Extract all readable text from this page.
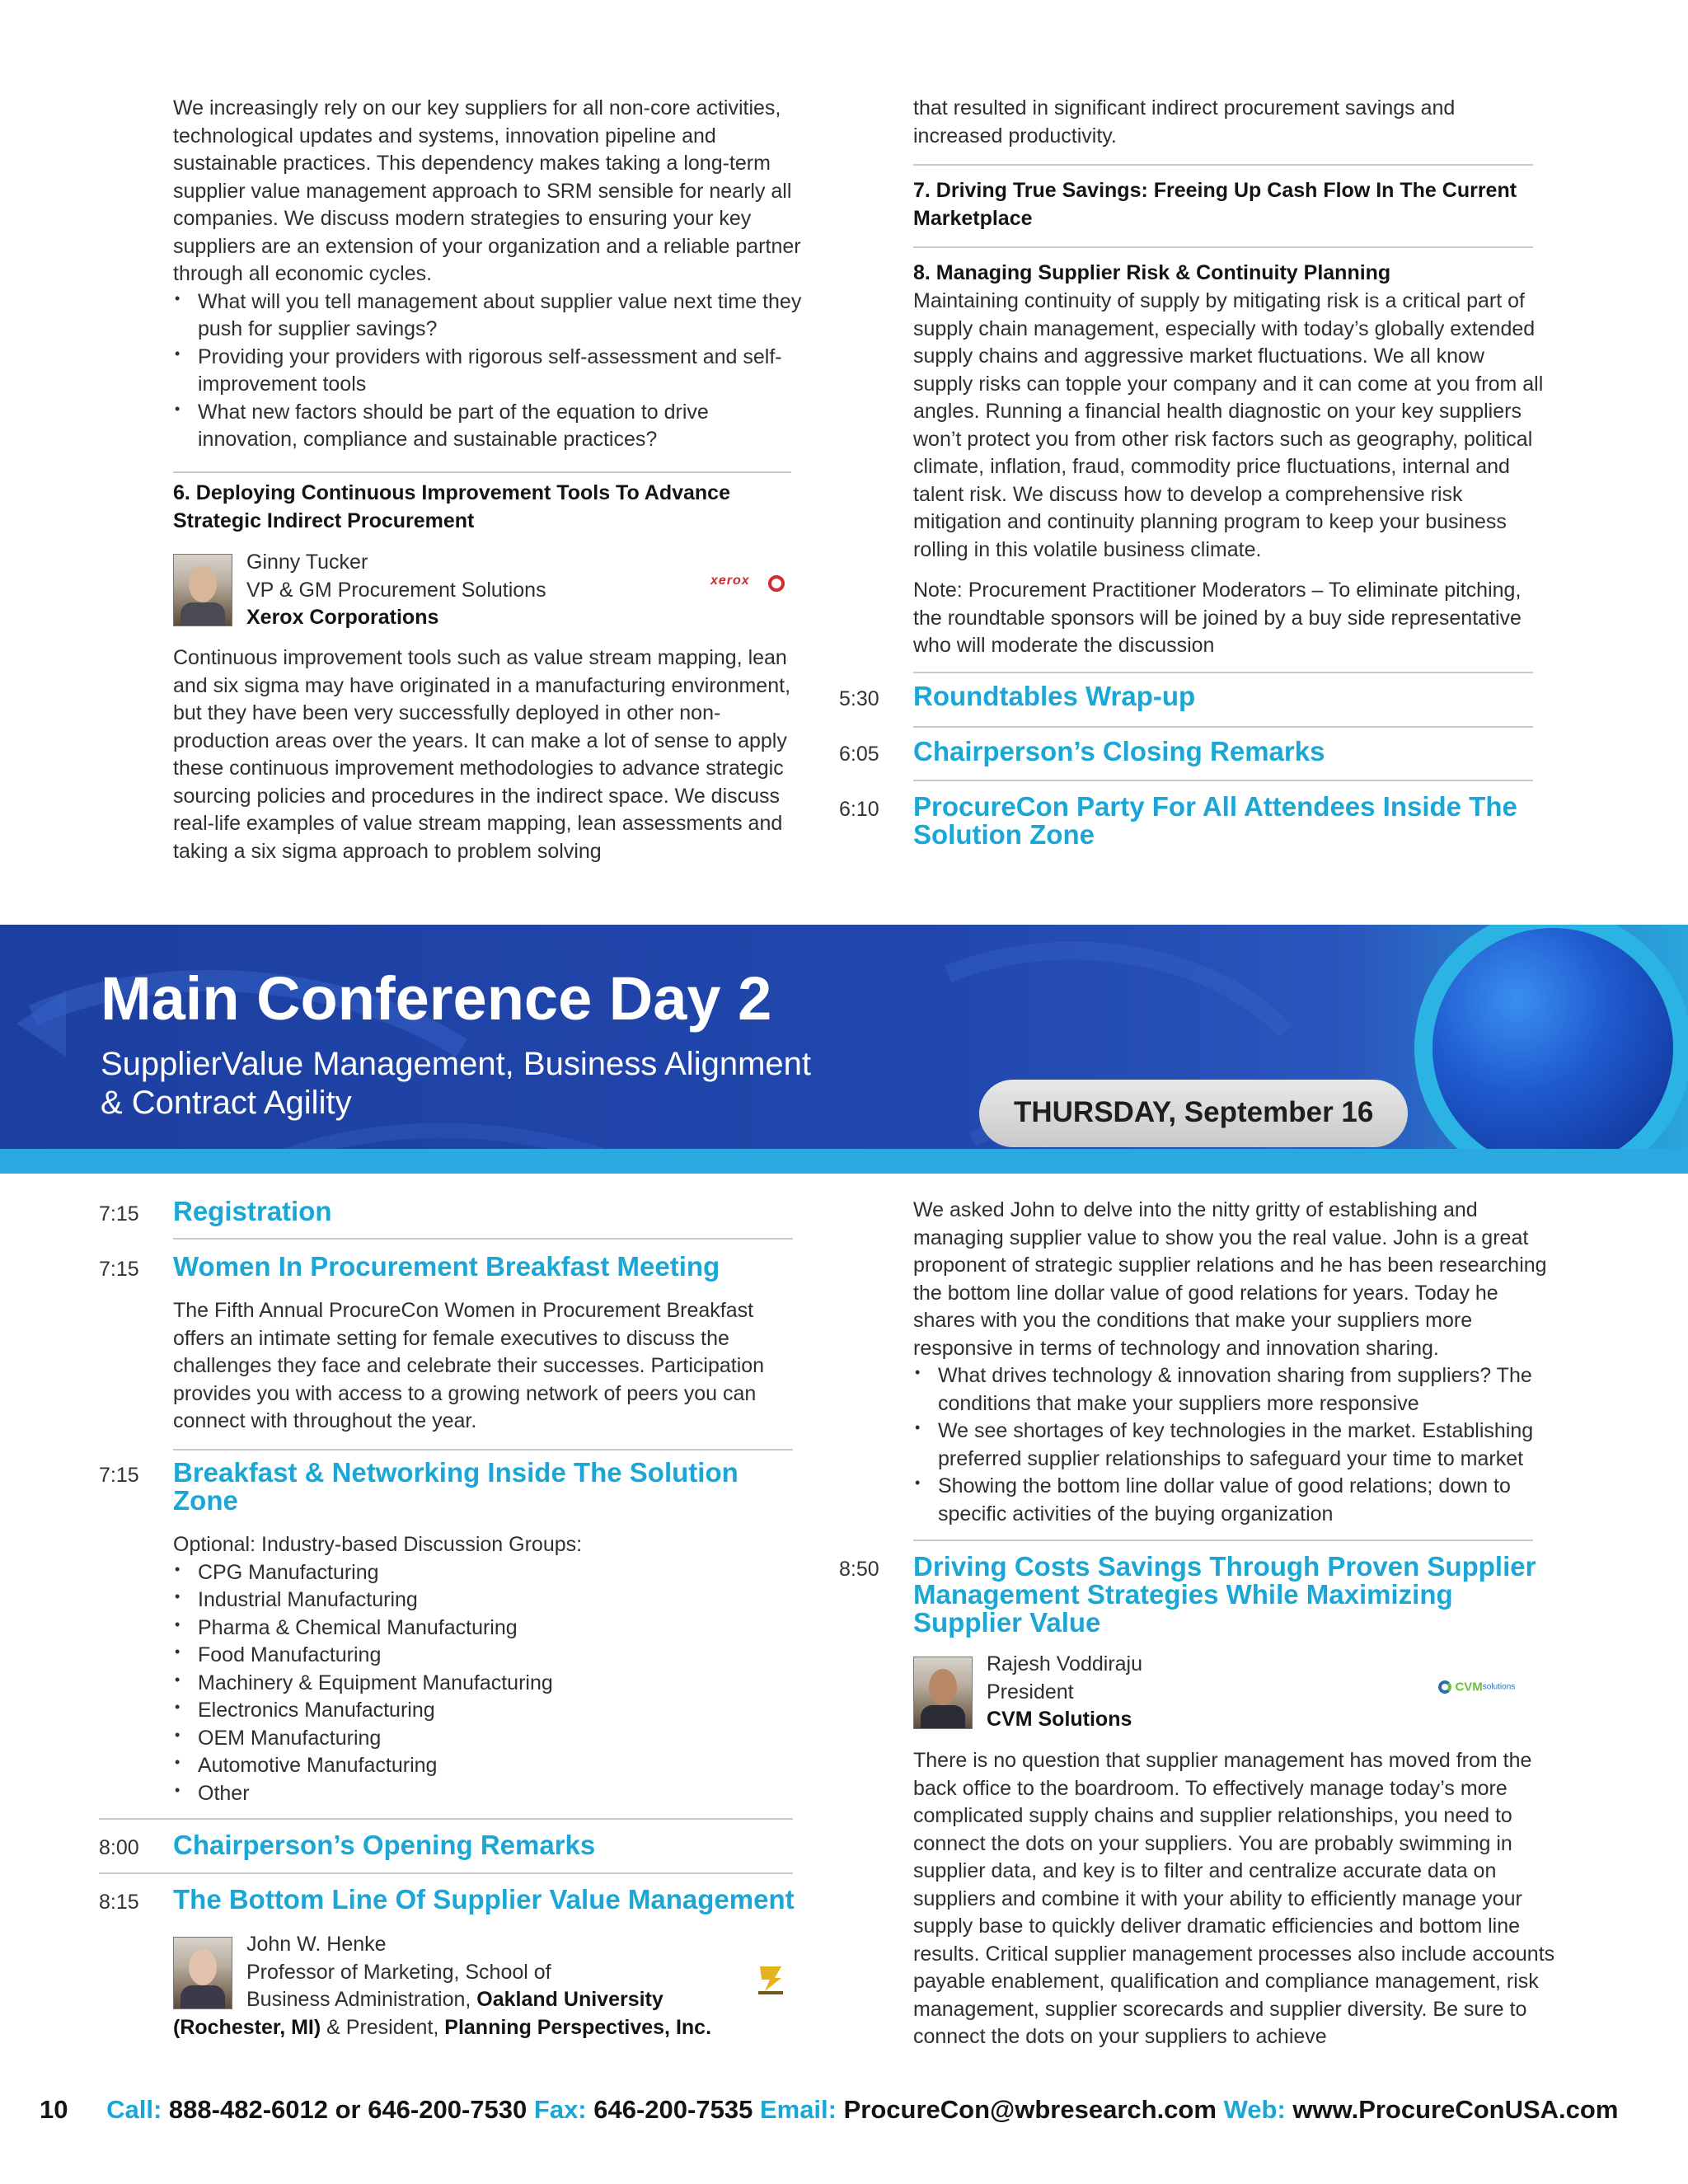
We increasingly rely on our key suppliers for all non-core activities, technological updates and systems, innovation pipeline and sustainable practices. This dependency makes taking a long-term supplier value management approach to SRM sensible for nearly all companies. We discuss modern strategies to ensuring your key suppliers are an extension of your organization and a reliable partner through all economic cycles.

• What will you tell management about supplier value next time they push for supplier savings?
• Providing your providers with rigorous self-assessment and self-improvement tools
• What new factors should be part of the equation to drive innovation, compliance and sustainable practices?
6. Deploying Continuous Improvement Tools To Advance Strategic Indirect Procurement

Ginny Tucker

VP & GM Procurement Solutions

Xerox Corporations

xerox
Continuous improvement tools such as value stream mapping, lean and six sigma may have originated in a manufacturing environment, but they have been very successfully deployed in other non-production areas over the years. It can make a lot of sense to apply these continuous improvement methodologies to advance strategic sourcing policies and procedures in the indirect space. We discuss real-life examples of value stream mapping, lean assessments and taking a six sigma approach to problem solving
that resulted in significant indirect procurement savings and increased productivity.
7. Driving True Savings: Freeing Up Cash Flow In The Current Marketplace
8. Managing Supplier Risk & Continuity Planning
Maintaining continuity of supply by mitigating risk is a critical part of supply chain management, especially with today’s globally extended supply chains and aggressive market fluctuations. We all know supply risks can topple your company and it can come at you from all angles. Running a financial health diagnostic on your key suppliers won’t protect you from other risk factors such as geography, political climate, inflation, fraud, commodity price fluctuations, internal and talent risk. We discuss how to develop a comprehensive risk mitigation and continuity planning program to keep your business rolling in this volatile business climate.
Note: Procurement Practitioner Moderators – To eliminate pitching, the roundtable sponsors will be joined by a buy side representative who will moderate the discussion
5:30 Roundtables Wrap-up
6:05 Chairperson’s Closing Remarks
6:10 ProcureCon Party For All Attendees Inside The Solution Zone
Main Conference Day 2
SupplierValue Management, Business Alignment
& Contract Agility	THURSDAY, September 16
7:15 Registration
7:15 Women In Procurement Breakfast Meeting
The Fifth Annual ProcureCon Women in Procurement Breakfast offers an intimate setting for female executives to discuss the challenges they face and celebrate their successes. Participation provides you with access to a growing network of peers you can connect with throughout the year.
7:15 Breakfast & Networking Inside The Solution Zone

Optional: Industry-based Discussion Groups:

• CPG Manufacturing
• Industrial Manufacturing
• Pharma & Chemical Manufacturing
• Food Manufacturing
• Machinery & Equipment Manufacturing
• Electronics Manufacturing
• OEM Manufacturing
• Automotive Manufacturing
• Other
8:00 Chairperson’s Opening Remarks
8:15 The Bottom Line Of Supplier Value Management

John W. Henke

Professor of Marketing, School of

Business Administration, Oakland University

(Rochester, MI) & President, Planning Perspectives, Inc.

We asked John to delve into the nitty gritty of establishing and managing supplier value to show you the real value. John is a great proponent of strategic supplier relations and he has been researching the bottom line dollar value of good relations for years. Today he shares with you the conditions that make your suppliers more responsive in terms of technology and innovation sharing.

• What drives technology & innovation sharing from suppliers? The conditions that make your suppliers more responsive
• We see shortages of key technologies in the market. Establishing preferred supplier relationships to safeguard your time to market
• Showing the bottom line dollar value of good relations; down to specific activities of the buying organization
8:50 Driving Costs Savings Through Proven Supplier Management Strategies While Maximizing Supplier Value

Rajesh Voddiraju

President

CVM Solutions

CVMsolutions
There is no question that supplier management has moved from the back office to the boardroom. To effectively manage today’s more complicated supply chains and supplier relationships, you need to connect the dots on your suppliers. You are probably swimming in supplier data, and key is to filter and centralize accurate data on suppliers and combine it with your ability to efficiently manage your supply base to quickly deliver dramatic efficiencies and bottom line results. Critical supplier management processes also include accounts payable enablement, qualification and compliance management, risk management, supplier scorecards and supplier diversity. Be sure to connect the dots on your suppliers to achieve
10 Call: 888-482-6012 or 646-200-7530 Fax: 646-200-7535 Email: ProcureCon@wbresearch.com Web: www.ProcureConUSA.com
